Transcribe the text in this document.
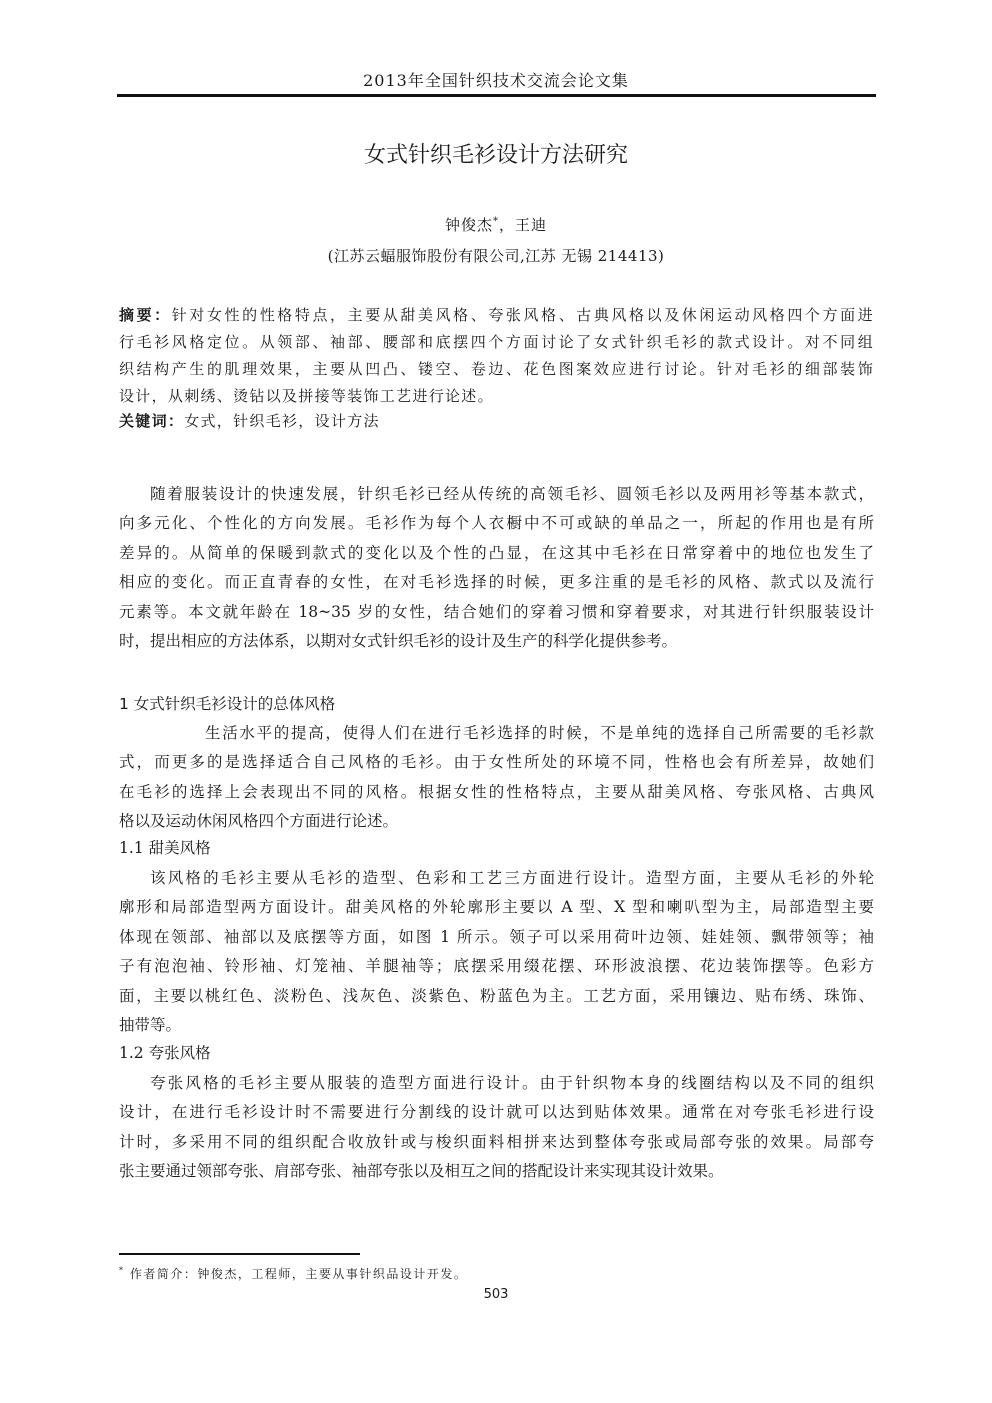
2013年全国针织技术交流会论文集
女式针织毛衫设计方法研究
钟俊杰*，王迪
(江苏云蝠服饰股份有限公司,江苏 无锡 214413)
摘要：针对女性的性格特点，主要从甜美风格、夸张风格、古典风格以及休闲运动风格四个方面进
行毛衫风格定位。从领部、袖部、腰部和底摆四个方面讨论了女式针织毛衫的款式设计。对不同组
织结构产生的肌理效果，主要从凹凸、镂空、卷边、花色图案效应进行讨论。针对毛衫的细部装饰
设计，从刺绣、烫钻以及拼接等装饰工艺进行论述。
关键词：女式，针织毛衫，设计方法
随着服装设计的快速发展，针织毛衫已经从传统的高领毛衫、圆领毛衫以及两用衫等基本款式，
向多元化、个性化的方向发展。毛衫作为每个人衣橱中不可或缺的单品之一，所起的作用也是有所
差异的。从简单的保暖到款式的变化以及个性的凸显，在这其中毛衫在日常穿着中的地位也发生了
相应的变化。而正直青春的女性，在对毛衫选择的时候，更多注重的是毛衫的风格、款式以及流行
元素等。本文就年龄在 18~35 岁的女性，结合她们的穿着习惯和穿着要求，对其进行针织服装设计
时，提出相应的方法体系，以期对女式针织毛衫的设计及生产的科学化提供参考。
1 女式针织毛衫设计的总体风格
生活水平的提高，使得人们在进行毛衫选择的时候，不是单纯的选择自己所需要的毛衫款
式，而更多的是选择适合自己风格的毛衫。由于女性所处的环境不同，性格也会有所差异，故她们
在毛衫的选择上会表现出不同的风格。根据女性的性格特点，主要从甜美风格、夸张风格、古典风
格以及运动休闲风格四个方面进行论述。
1.1 甜美风格
该风格的毛衫主要从毛衫的造型、色彩和工艺三方面进行设计。造型方面，主要从毛衫的外轮
廓形和局部造型两方面设计。甜美风格的外轮廓形主要以 A 型、X 型和喇叭型为主，局部造型主要
体现在领部、袖部以及底摆等方面，如图 1 所示。领子可以采用荷叶边领、娃娃领、飘带领等；袖
子有泡泡袖、铃形袖、灯笼袖、羊腿袖等；底摆采用缀花摆、环形波浪摆、花边装饰摆等。色彩方
面，主要以桃红色、淡粉色、浅灰色、淡紫色、粉蓝色为主。工艺方面，采用镶边、贴布绣、珠饰、
抽带等。
1.2 夸张风格
夸张风格的毛衫主要从服装的造型方面进行设计。由于针织物本身的线圈结构以及不同的组织
设计，在进行毛衫设计时不需要进行分割线的设计就可以达到贴体效果。通常在对夸张毛衫进行设
计时，多采用不同的组织配合收放针或与梭织面料相拼来达到整体夸张或局部夸张的效果。局部夸
张主要通过领部夸张、肩部夸张、袖部夸张以及相互之间的搭配设计来实现其设计效果。
* 作者简介：钟俊杰，工程师，主要从事针织品设计开发。
503
